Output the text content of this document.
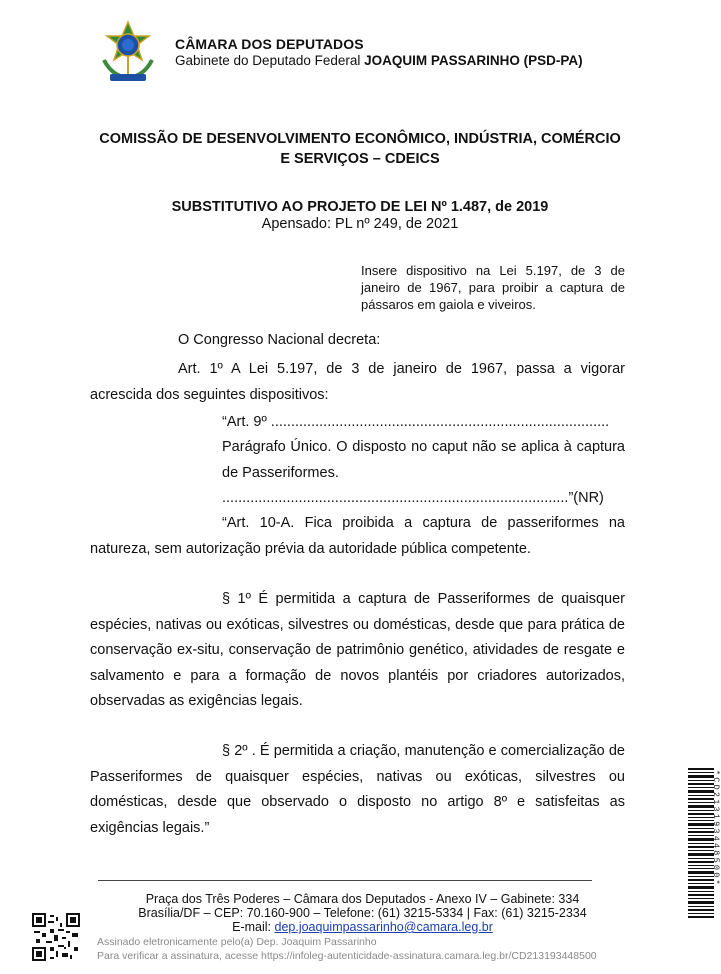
CÂMARA DOS DEPUTADOS
Gabinete do Deputado Federal JOAQUIM PASSARINHO (PSD-PA)
COMISSÃO DE DESENVOLVIMENTO ECONÔMICO, INDÚSTRIA, COMÉRCIO
E SERVIÇOS – CDEICS
SUBSTITUTIVO AO PROJETO DE LEI Nº 1.487, de 2019
Apensado: PL nº 249, de 2021
Insere dispositivo na Lei 5.197, de 3 de janeiro de 1967, para proibir a captura de pássaros em gaiola e viveiros.
O Congresso Nacional decreta:
Art. 1º A Lei 5.197, de 3 de janeiro de 1967, passa a vigorar acrescida dos seguintes dispositivos:
“Art. 9º ....................................................................................
Parágrafo Único. O disposto no caput não se aplica à captura de Passeriformes.
......................................................................................”(NR)
“Art. 10-A. Fica proibida a captura de passeriformes na natureza, sem autorização prévia da autoridade pública competente.
§ 1º É permitida a captura de Passeriformes de quaisquer espécies, nativas ou exóticas, silvestres ou domésticas, desde que para prática de conservação ex-situ, conservação de patrimônio genético, atividades de resgate e salvamento e para a formação de novos plantéis por criadores autorizados, observadas as exigências legais.
§ 2º . É permitida a criação, manutenção e comercialização de Passeriformes de quaisquer espécies, nativas ou exóticas, silvestres ou domésticas, desde que observado o disposto no artigo 8º e satisfeitas as exigências legais.”	*CD213193448500*
Praça dos Três Poderes – Câmara dos Deputados - Anexo IV – Gabinete: 334
Brasília/DF – CEP: 70.160-900 – Telefone: (61) 3215-5334 | Fax: (61) 3215-2334
E-mail: dep.joaquimpassarinho@camara.leg.br
Assinado eletronicamente pelo(a) Dep. Joaquim Passarinho
Para verificar a assinatura, acesse https://infoleg-autenticidade-assinatura.camara.leg.br/CD213193448500
